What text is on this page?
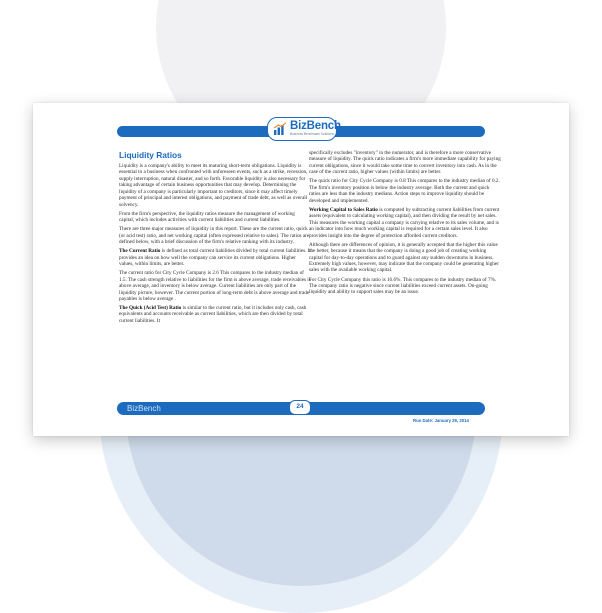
BizBench
Business Benchmark Solutions
Liquidity Ratios

Liquidity is a company's ability to meet its maturing short-term obligations. Liquidity is essential to a business when confronted with unforeseen events, such as a strike, recession, supply interruption, natural disaster, and so forth. Favorable liquidity is also necessary for taking advantage of certain business opportunities that may develop. Determining the liquidity of a company is particularly important to creditors, since it may affect timely payment of principal and interest obligations, and payment of trade debt, as well as overall solvency.

From the firm's perspective, the liquidity ratios measure the management of working capital, which includes activities with current liabilities and current liabilities.

There are three major measures of liquidity in this report. These are the current ratio, quick (or acid test) ratio, and net working capital (often expressed relative to sales). The ratios are defined below, with a brief discussion of the firm's relative ranking with its industry.

The Current Ratio is defined as total current liabilities divided by total current liabilities. It provides an idea on how well the company can service its current obligations. Higher values, within limits, are better.

The current ratio for City Cycle Company is 2.6 This compares to the industry median of 1.5. The cash strength relative to liabilities for the firm is above average, trade receivables is above average, and inventory is below average. Current liabilities are only part of the liquidity picture, however. The current portion of long-term debt is above average and trade payables is below average .

The Quick (Acid Test) Ratio is similar to the current ratio, but it includes only cash, cash equivalents and accounts receivable as current liabilities, which are then divided by total current liabilities. It

specifically excludes "inventory" in the numerator, and is therefore a more conservative measure of liquidity. The quick ratio indicates a firm's more immediate capability for paying current obligations, since it would take some time to convert inventory into cash. As in the case of the current ratio, higher values (within limits) are better.

The quick ratio for City Cycle Company is 0.8 This compares to the industry median of 0.2. The firm's inventory position is below the industry average. Both the current and quick ratios are less than the industry medians. Action steps to improve liquidity should be developed and implemented.

Working Capital to Sales Ratio is computed by subtracting current liabilities from current assets (equivalent to calculating working capital), and then dividing the result by net sales. This measures the working capital a company is carrying relative to its sales volume, and is an indicator into how much working capital is required for a certain sales level. It also provides insight into the degree of protection afforded current creditors.

Although there are differences of opinion, it is generally accepted that the higher this value the better, because it means that the company is doing a good job of creating working capital for day-to-day operations and to guard against any sudden downturns in business. Extremely high values, however, may indicate that the company could be generating higher sales with the available working capital.

For City Cycle Company this ratio is 16.6%. This compares to the industry median of 7%. The company ratio is negative since current liabilities exceed current assets. On-going liquidity and ability to support sales may be an issue.

BizBench	24
Run Date: January 29, 2014
